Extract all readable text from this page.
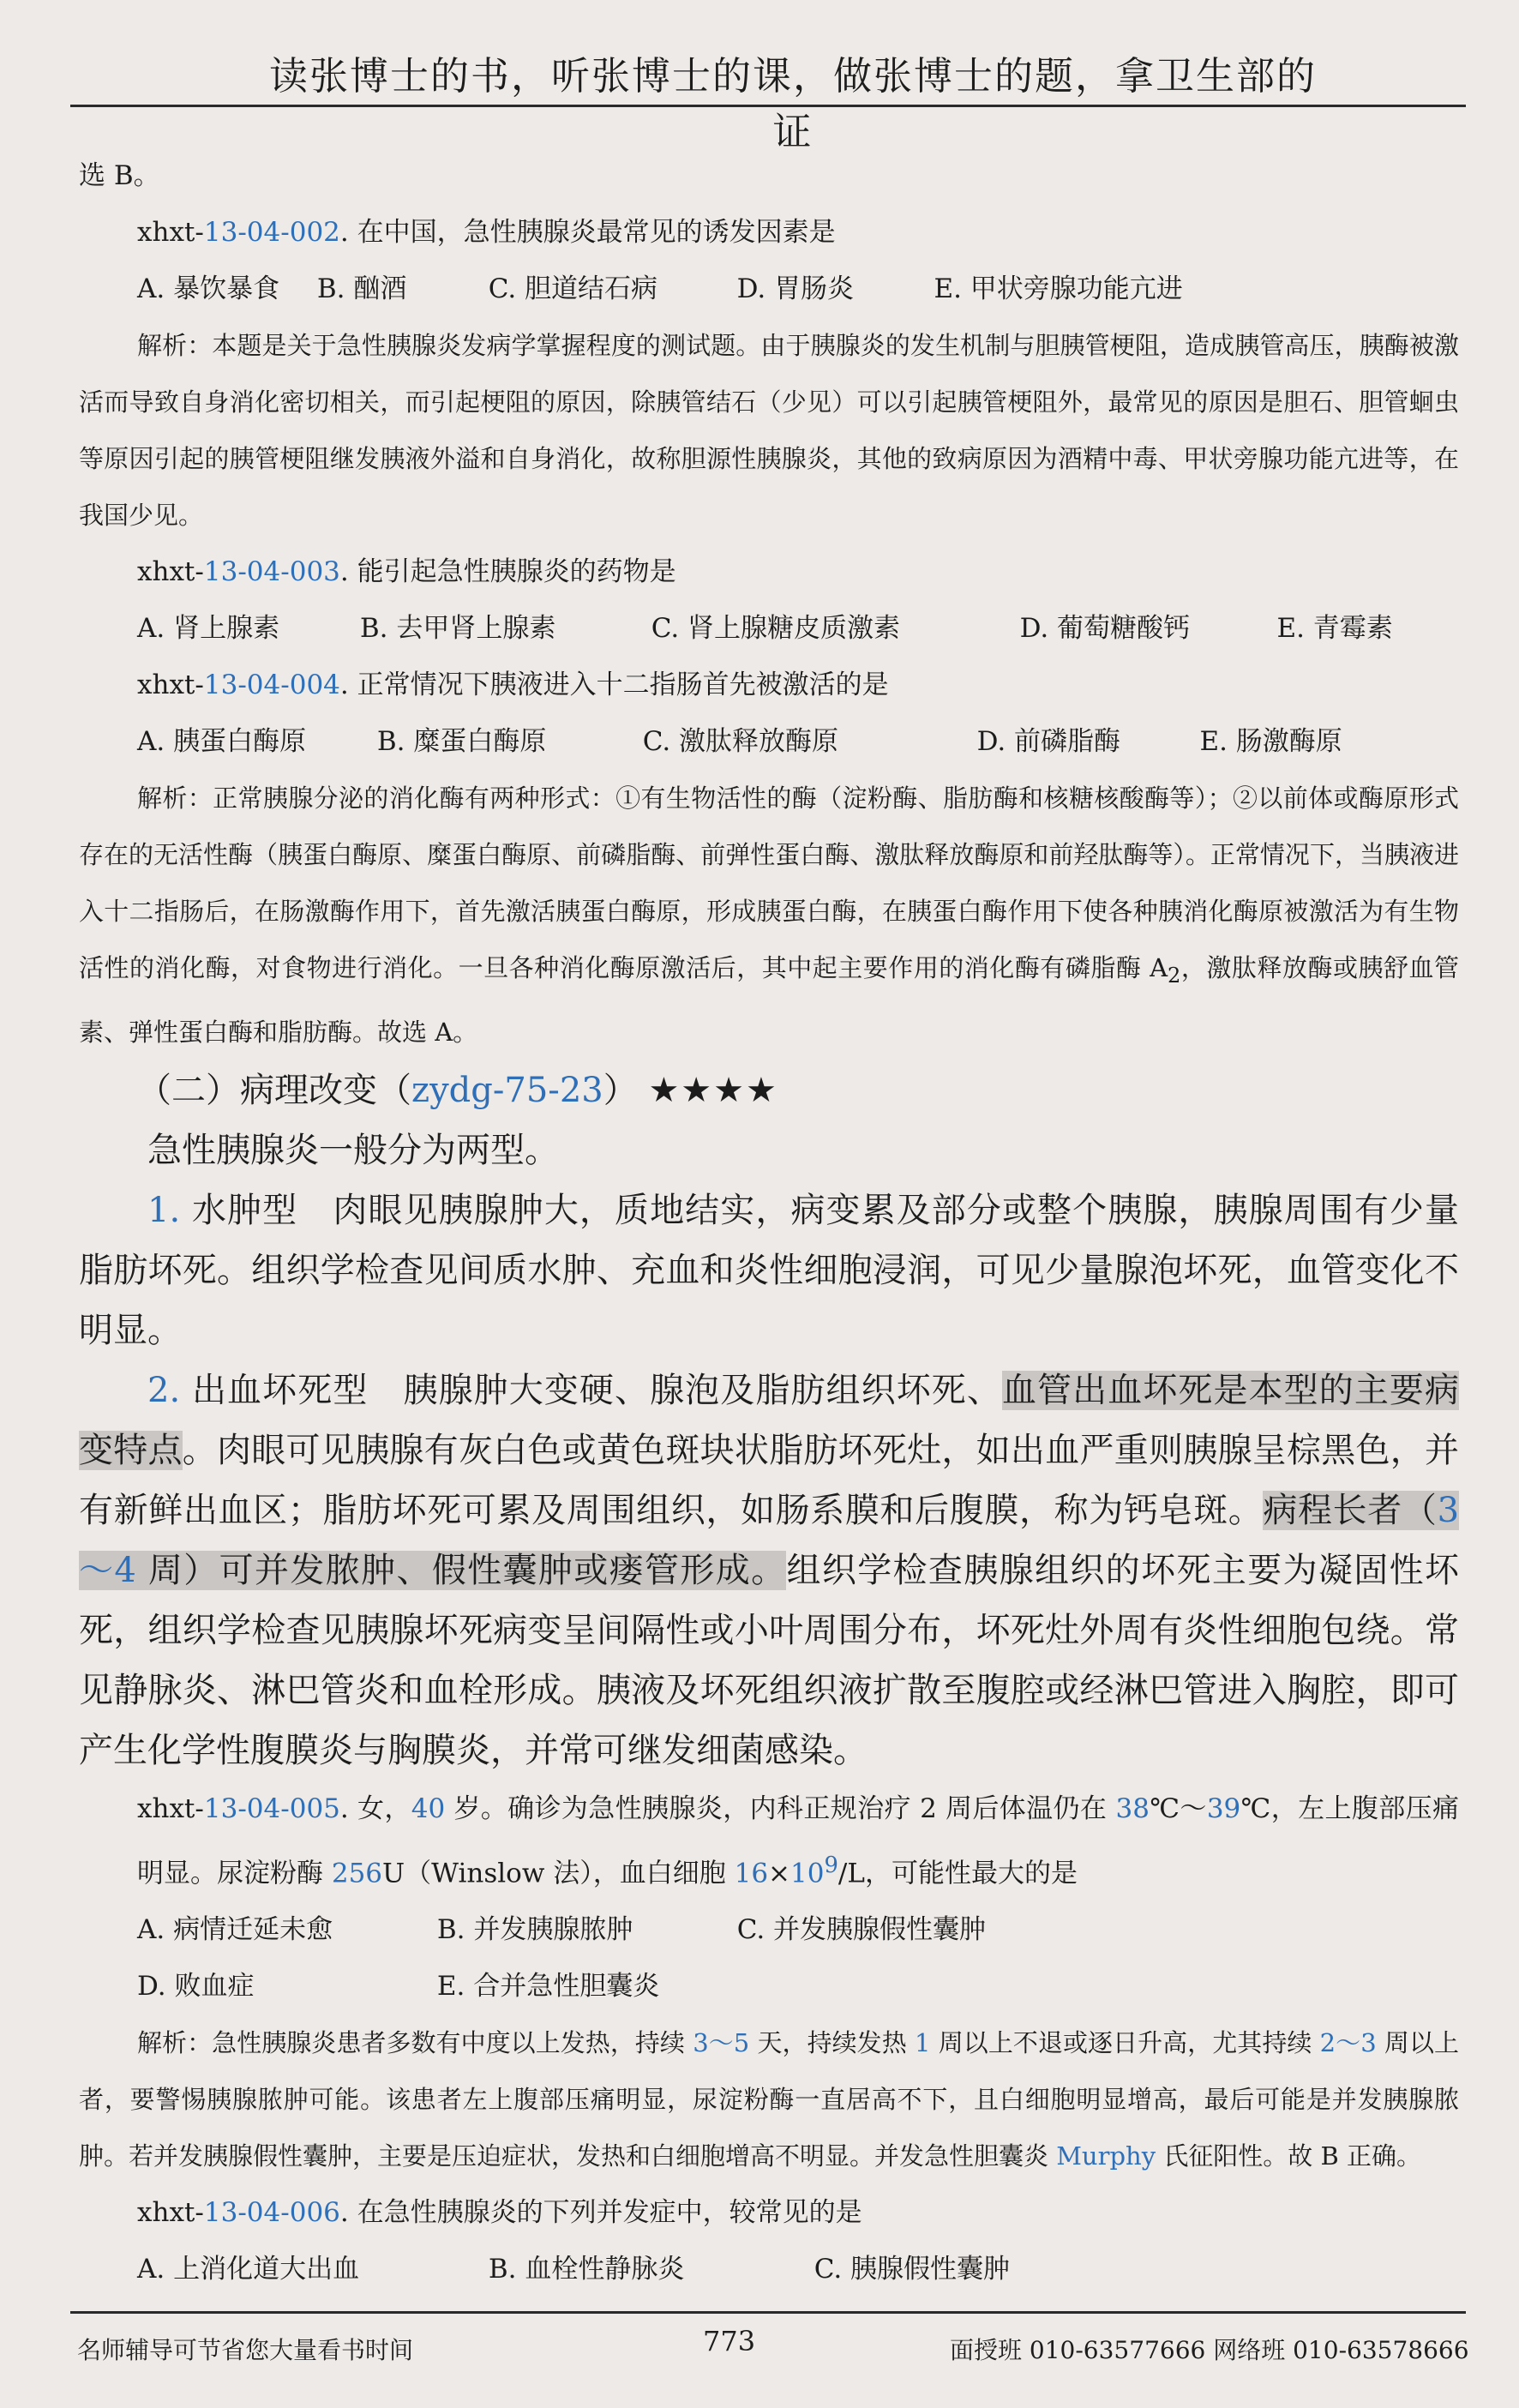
读张博士的书，听张博士的课，做张博士的题，拿卫生部的证

选 B。

xhxt-13-04-002. 在中国，急性胰腺炎最常见的诱发因素是

A. 暴饮暴食 B. 酗酒	C. 胆道结石病	D. 胃肠炎	E. 甲状旁腺功能亢进

解析：本题是关于急性胰腺炎发病学掌握程度的测试题。由于胰腺炎的发生机制与胆胰管梗阻，造成胰管高压，胰酶被激活而导致自身消化密切相关，而引起梗阻的原因，除胰管结石（少见）可以引起胰管梗阻外，最常见的原因是胆石、胆管蛔虫等原因引起的胰管梗阻继发胰液外溢和自身消化，故称胆源性胰腺炎，其他的致病原因为酒精中毒、甲状旁腺功能亢进等，在我国少见。

xhxt-13-04-003. 能引起急性胰腺炎的药物是

A. 肾上腺素	B. 去甲肾上腺素	C. 肾上腺糖皮质激素	D. 葡萄糖酸钙	E. 青霉素

xhxt-13-04-004. 正常情况下胰液进入十二指肠首先被激活的是

A. 胰蛋白酶原	B. 糜蛋白酶原	C. 激肽释放酶原	D. 前磷脂酶	E. 肠激酶原

解析：正常胰腺分泌的消化酶有两种形式：①有生物活性的酶（淀粉酶、脂肪酶和核糖核酸酶等）；②以前体或酶原形式存在的无活性酶（胰蛋白酶原、糜蛋白酶原、前磷脂酶、前弹性蛋白酶、激肽释放酶原和前羟肽酶等）。正常情况下，当胰液进入十二指肠后，在肠激酶作用下，首先激活胰蛋白酶原，形成胰蛋白酶，在胰蛋白酶作用下使各种胰消化酶原被激活为有生物活性的消化酶，对食物进行消化。一旦各种消化酶原激活后，其中起主要作用的消化酶有磷脂酶 $A_2$，激肽释放酶或胰舒血管素、弹性蛋白酶和脂肪酶。故选 A。

（二）病理改变（zydg-75-23） ★★★★

急性胰腺炎一般分为两型。

1. 水肿型　肉眼见胰腺肿大，质地结实，病变累及部分或整个胰腺，胰腺周围有少量脂肪坏死。组织学检查见间质水肿、充血和炎性细胞浸润，可见少量腺泡坏死，血管变化不明显。

2. 出血坏死型　胰腺肿大变硬、腺泡及脂肪组织坏死、血管出血坏死是本型的主要病变特点。肉眼可见胰腺有灰白色或黄色斑块状脂肪坏死灶，如出血严重则胰腺呈棕黑色，并有新鲜出血区；脂肪坏死可累及周围组织，如肠系膜和后腹膜，称为钙皂斑。病程长者（3～4 周）可并发脓肿、假性囊肿或瘘管形成。组织学检查胰腺组织的坏死主要为凝固性坏死，组织学检查见胰腺坏死病变呈间隔性或小叶周围分布，坏死灶外周有炎性细胞包绕。常见静脉炎、淋巴管炎和血栓形成。胰液及坏死组织液扩散至腹腔或经淋巴管进入胸腔，即可产生化学性腹膜炎与胸膜炎，并常可继发细菌感染。

xhxt-13-04-005. 女，40 岁。确诊为急性胰腺炎，内科正规治疗 2 周后体温仍在 38℃～39℃，左上腹部压痛明显。尿淀粉酶 256U（Winslow 法），血白细胞 $16\times 10^9/L$，可能性最大的是

A. 病情迁延未愈	B. 并发胰腺脓肿	C. 并发胰腺假性囊肿

D. 败血症	E. 合并急性胆囊炎

解析：急性胰腺炎患者多数有中度以上发热，持续 3～5 天，持续发热 1 周以上不退或逐日升高，尤其持续 2～3 周以上者，要警惕胰腺脓肿可能。该患者左上腹部压痛明显，尿淀粉酶一直居高不下，且白细胞明显增高，最后可能是并发胰腺脓肿。若并发胰腺假性囊肿，主要是压迫症状，发热和白细胞增高不明显。并发急性胆囊炎 Murphy 氏征阳性。故 B 正确。

xhxt-13-04-006. 在急性胰腺炎的下列并发症中，较常见的是

A. 上消化道大出血	B. 血栓性静脉炎	C. 胰腺假性囊肿

名师辅导可节省您大量看书时间	773	面授班 010-63577666 网络班 010-63578666
